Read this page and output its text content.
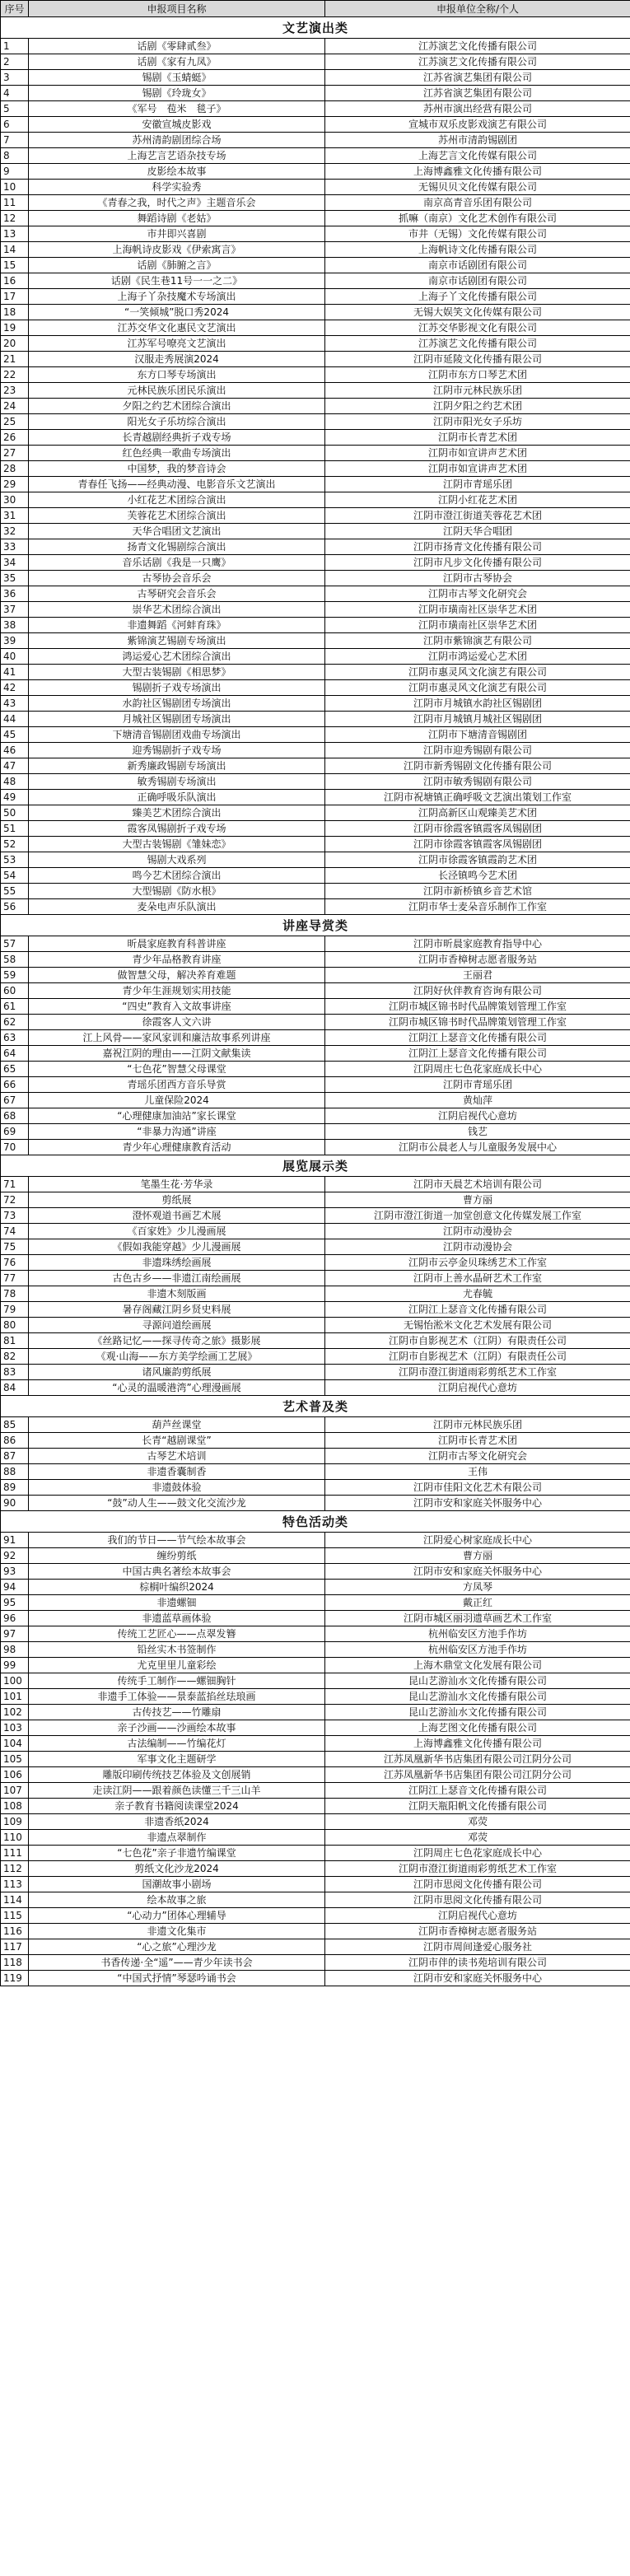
序号	申报项目名称	申报单位全称/个人
文艺演出类		
1	话剧《零肆贰叁》	江苏演艺文化传播有限公司
2	话剧《家有九凤》	江苏演艺文化传播有限公司
3	锡剧《玉蜻蜓》	江苏省演艺集团有限公司
4	锡剧《玲珑女》	江苏省演艺集团有限公司
5	《军号　苞米　毯子》	苏州市演出经营有限公司
6	安徽宣城皮影戏	宣城市双乐皮影戏演艺有限公司
7	苏州清韵剧团综合场	苏州市清韵锡剧团
8	上海艺言艺语杂技专场	上海艺言文化传媒有限公司
9	皮影绘本故事	上海博鑫雅文化传播有限公司
10	科学实验秀	无锡贝贝文化传媒有限公司
11	《青春之我，时代之声》主题音乐会	南京高青音乐团有限公司
12	舞蹈诗剧《老姑》	抓嘛（南京）文化艺术创作有限公司
13	市井即兴喜剧	市井（无锡）文化传媒有限公司
14	上海帆诗皮影戏《伊索寓言》	上海帆诗文化传播有限公司
15	话剧《肺腑之言》	南京市话剧团有限公司
16	话剧《民生巷11号一一之二》	南京市话剧团有限公司
17	上海子丫杂技魔术专场演出	上海子丫文化传播有限公司
18	“一笑倾城”脱口秀2024	无锡大娱笑文化传媒有限公司
19	江苏交华文化惠民文艺演出	江苏交华影视文化有限公司
20	江苏军号嘹亮文艺演出	江苏演艺文化传播有限公司
21	汉服走秀展演2024	江阴市延陵文化传播有限公司
22	东方口琴专场演出	江阴市东方口琴艺术团
23	元林民族乐团民乐演出	江阴市元林民族乐团
24	夕阳之约艺术团综合演出	江阴夕阳之约艺术团
25	阳光女子乐坊综合演出	江阴市阳光女子乐坊
26	长青越剧经典折子戏专场	江阴市长青艺术团
27	红色经典一歌曲专场演出	江阴市如宣讲声艺术团
28	中国梦，我的梦音诗会	江阴市如宣讲声艺术团
29	青春任飞扬——经典动漫、电影音乐文艺演出	江阴市青瑶乐团
30	小红花艺术团综合演出	江阴小红花艺术团
31	芙蓉花艺术团综合演出	江阴市澄江街道芙蓉花艺术团
32	天华合唱团文艺演出	江阴天华合唱团
33	扬青文化锡剧综合演出	江阴市扬青文化传播有限公司
34	音乐话剧《我是一只鹰》	江阴市凡步文化传播有限公司
35	古琴协会音乐会	江阴市古琴协会
36	古琴研究会音乐会	江阴市古琴文化研究会
37	崇华艺术团综合演出	江阴市璜南社区崇华艺术团
38	非遗舞蹈《河蚌育珠》	江阴市璜南社区崇华艺术团
39	紫锦演艺锡剧专场演出	江阴市紫锦演艺有限公司
40	鸿运爱心艺术团综合演出	江阴市鸿运爱心艺术团
41	大型古装锡剧《相思梦》	江阴市惠灵风文化演艺有限公司
42	锡剧折子戏专场演出	江阴市惠灵风文化演艺有限公司
43	水韵社区锡剧团专场演出	江阴市月城镇水韵社区锡剧团
44	月城社区锡剧团专场演出	江阴市月城镇月城社区锡剧团
45	下塘清音锡剧团戏曲专场演出	江阴市下塘清音锡剧团
46	迎秀锡剧折子戏专场	江阴市迎秀锡剧有限公司
47	新秀廉政锡剧专场演出	江阴市新秀锡剧文化传播有限公司
48	敏秀锡剧专场演出	江阴市敏秀锡剧有限公司
49	正确呼吸乐队演出	江阴市祝塘镇正确呼吸文艺演出策划工作室
50	臻美艺术团综合演出	江阴高新区山观臻美艺术团
51	霞客凤锡剧折子戏专场	江阴市徐霞客镇霞客凤锡剧团
52	大型古装锡剧《雏妹恋》	江阴市徐霞客镇霞客凤锡剧团
53	锡剧大戏系列	江阴市徐霞客镇霞韵艺术团
54	鸣今艺术团综合演出	长泾镇鸣今艺术团
55	大型锡剧《防水根》	江阴市新桥镇乡音艺术馆
56	麦朵电声乐队演出	江阴市华士麦朵音乐制作工作室
讲座导赏类		
57	昕晨家庭教育科普讲座	江阴市昕晨家庭教育指导中心
58	青少年品格教育讲座	江阴市香樟树志愿者服务站
59	做智慧父母，解决养育难题	王丽君
60	青少年生涯规划实用技能	江阴好伙伴教育咨询有限公司
61	“四史”教育入文故事讲座	江阴市城区锦书时代品牌策划管理工作室
62	徐霞客人文六讲	江阴市城区锦书时代品牌策划管理工作室
63	江上风骨——家风家训和廉洁故事系列讲座	江阴江上瑟音文化传播有限公司
64	嘉祝江阴的理由——江阴文献集读	江阴江上瑟音文化传播有限公司
65	“七色花”智慧父母课堂	江阴周庄七色花家庭成长中心
66	青瑶乐团西方音乐导赏	江阴市青瑶乐团
67	儿童保险2024	黄灿萍
68	“心理健康加油站”家长课堂	江阴启视代心意坊
69	“非暴力沟通”讲座	钱艺
70	青少年心理健康教育活动	江阴市公晨老人与儿童服务发展中心
展览展示类		
71	笔墨生花·芳华录	江阴市天晨艺术培训有限公司
72	剪纸展	曹方丽
73	澄怀观道书画艺术展	江阴市澄江街道一加堂创意文化传媒发展工作室
74	《百家姓》少儿漫画展	江阴市动漫协会
75	《假如我能穿越》少儿漫画展	江阴市动漫协会
76	非遗珠绣绘画展	江阴市云亭金贝珠绣艺术工作室
77	古色古乡——非遗江南绘画展	江阴市上善水晶研艺术工作室
78	非遗木刻版画	尤春毓
79	暑存阁藏江阴乡贤史料展	江阴江上瑟音文化传播有限公司
80	寻源问道绘画展	无锡怡淞米文化艺术发展有限公司
81	《丝路记忆——探寻传奇之旅》摄影展	江阴市自影视艺术（江阴）有限责任公司
82	《观·山海——东方美学绘画工艺展》	江阴市自影视艺术（江阴）有限责任公司
83	诸风廉韵剪纸展	江阴市澄江街道雨彩剪纸艺术工作室
84	“心灵的温暖港湾”心理漫画展	江阴启视代心意坊
艺术普及类		
85	葫芦丝课堂	江阴市元林民族乐团
86	长青“越剧课堂”	江阴市长青艺术团
87	古琴艺术培训	江阴市古琴文化研究会
88	非遗香囊制香	王伟
89	非遗鼓体验	江阴市佳阳文化艺术有限公司
90	“鼓”动人生——鼓文化交流沙龙	江阴市安和家庭关怀服务中心
特色活动类		
91	我们的节日——节气绘本故事会	江阴爱心树家庭成长中心
92	缠纷剪纸	曹方丽
93	中国古典名著绘本故事会	江阴市安和家庭关怀服务中心
94	棕榈叶编织2024	方凤琴
95	非遗螺钿	戴正红
96	非遗蓝草画体验	江阴市城区丽羽遗草画艺术工作室
97	传统工艺匠心——点翠发簪	杭州临安区方池手作坊
98	铅丝实木书签制作	杭州临安区方池手作坊
99	尤克里里儿童彩绘	上海木鼎堂文化发展有限公司
100	传统手工制作——螺钿胸针	昆山艺游汕水文化传播有限公司
101	非遗手工体验——景泰蓝掐丝珐琅画	昆山艺游汕水文化传播有限公司
102	古传技艺——竹雕扇	昆山艺游汕水文化传播有限公司
103	亲子沙画——沙画绘本故事	上海艺图文化传播有限公司
104	古法编制——竹编花灯	上海博鑫雅文化传播有限公司
105	军事文化主题研学	江苏凤凰新华书店集团有限公司江阴分公司
106	雕版印刷传统技艺体验及文创展销	江苏凤凰新华书店集团有限公司江阴分公司
107	走读江阴——跟着颜色读懂三千三山羊	江阴江上瑟音文化传播有限公司
108	亲子教育书籍阅读课堂2024	江阴天瓶阳帆文化传播有限公司
109	非遗香纸2024	邓荧
110	非遗点翠制作	邓荧
111	“七色花”亲子非遗竹编课堂	江阴周庄七色花家庭成长中心
112	剪纸文化沙龙2024	江阴市澄江街道雨彩剪纸艺术工作室
113	国潮故事小剧场	江阴市思阅文化传播有限公司
114	绘本故事之旅	江阴市思阅文化传播有限公司
115	“心动力”团体心理辅导	江阴启视代心意坊
116	非遗文化集市	江阴市香樟树志愿者服务站
117	“心之旅”心理沙龙	江阴市周间逢爱心服务社
118	书香传递·全“遥”——青少年读书会	江阴市伴的读书苑培训有限公司
119	“中国式抒情”琴瑟吟诵书会	江阴市安和家庭关怀服务中心
